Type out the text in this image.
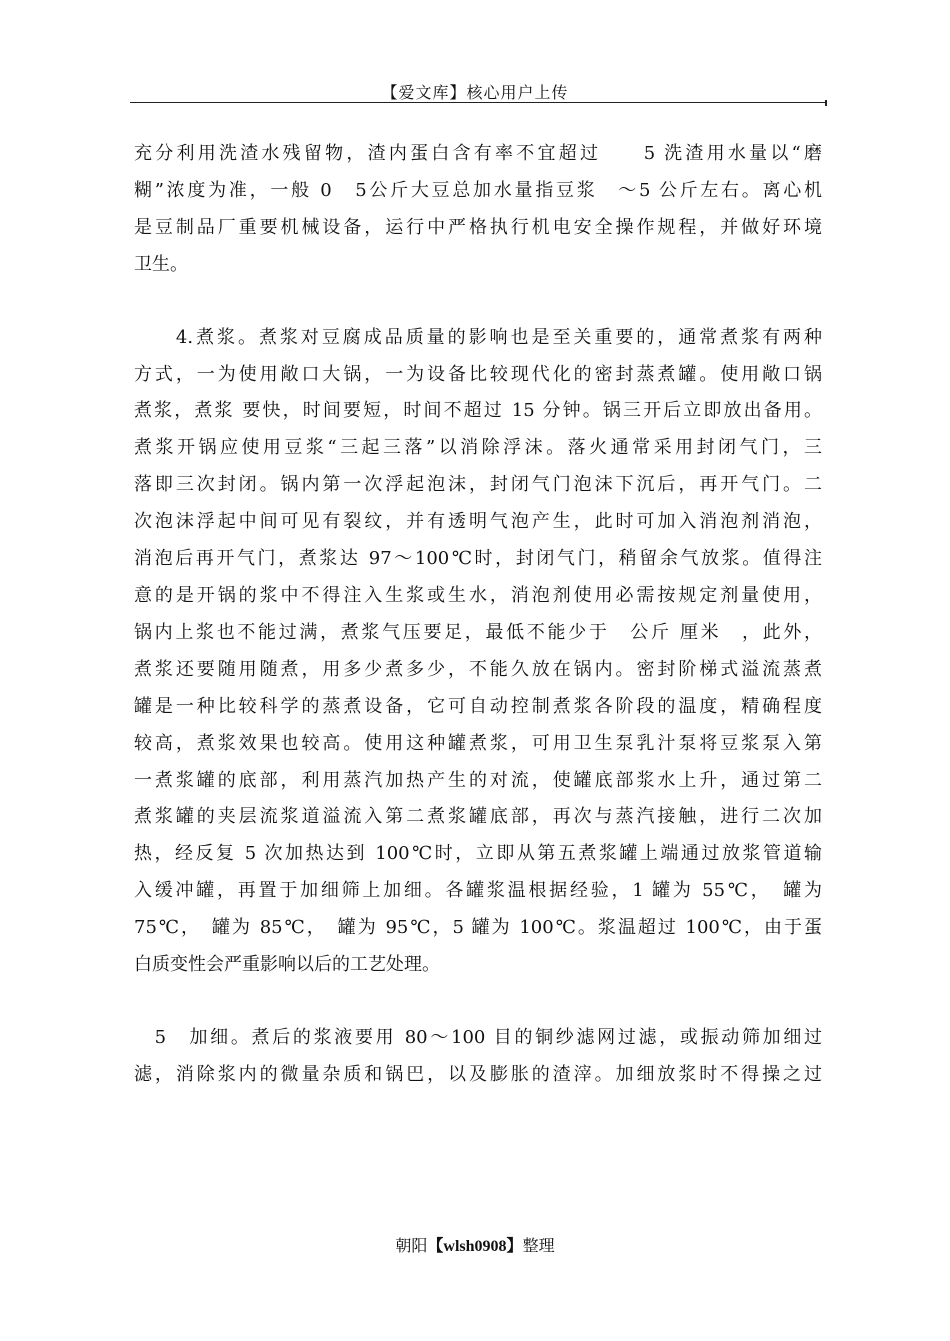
【爱文库】核心用户上传

充分利用洗渣水残留物，渣内蛋白含有率不宜超过　　5 洗渣用水量以“磨
糊”浓度为准，一般 0　5公斤大豆总加水量指豆浆　～5 公斤左右。离心机
是豆制品厂重要机械设备，运行中严格执行机电安全操作规程，并做好环境
卫生。

　　4.煮浆。煮浆对豆腐成品质量的影响也是至关重要的，通常煮浆有两种
方式，一为使用敞口大锅，一为设备比较现代化的密封蒸煮罐。使用敞口锅
煮浆，煮浆 要快，时间要短，时间不超过 15 分钟。锅三开后立即放出备用。
煮浆开锅应使用豆浆“三起三落”以消除浮沫。落火通常采用封闭气门，三
落即三次封闭。锅内第一次浮起泡沫，封闭气门泡沫下沉后，再开气门。二
次泡沫浮起中间可见有裂纹，并有透明气泡产生，此时可加入消泡剂消泡，
消泡后再开气门，煮浆达 97～100℃时，封闭气门，稍留余气放浆。值得注
意的是开锅的浆中不得注入生浆或生水，消泡剂使用必需按规定剂量使用，
锅内上浆也不能过满，煮浆气压要足，最低不能少于　公斤 厘米　，此外，
煮浆还要随用随煮，用多少煮多少，不能久放在锅内。密封阶梯式溢流蒸煮
罐是一种比较科学的蒸煮设备，它可自动控制煮浆各阶段的温度，精确程度
较高，煮浆效果也较高。使用这种罐煮浆，可用卫生泵乳汁泵将豆浆泵入第
一煮浆罐的底部，利用蒸汽加热产生的对流，使罐底部浆水上升，通过第二
煮浆罐的夹层流浆道溢流入第二煮浆罐底部，再次与蒸汽接触，进行二次加
热，经反复 5 次加热达到 100℃时，立即从第五煮浆罐上端通过放浆管道输
入缓冲罐，再置于加细筛上加细。各罐浆温根据经验，1 罐为 55℃，　罐为
75℃，　罐为 85℃，　罐为 95℃，5 罐为 100℃。浆温超过 100℃，由于蛋
白质变性会严重影响以后的工艺处理。

　5　加细。煮后的浆液要用 80～100 目的铜纱滤网过滤，或振动筛加细过
滤，消除浆内的微量杂质和锅巴，以及膨胀的渣滓。加细放浆时不得操之过

朝阳【wlsh0908】整理
